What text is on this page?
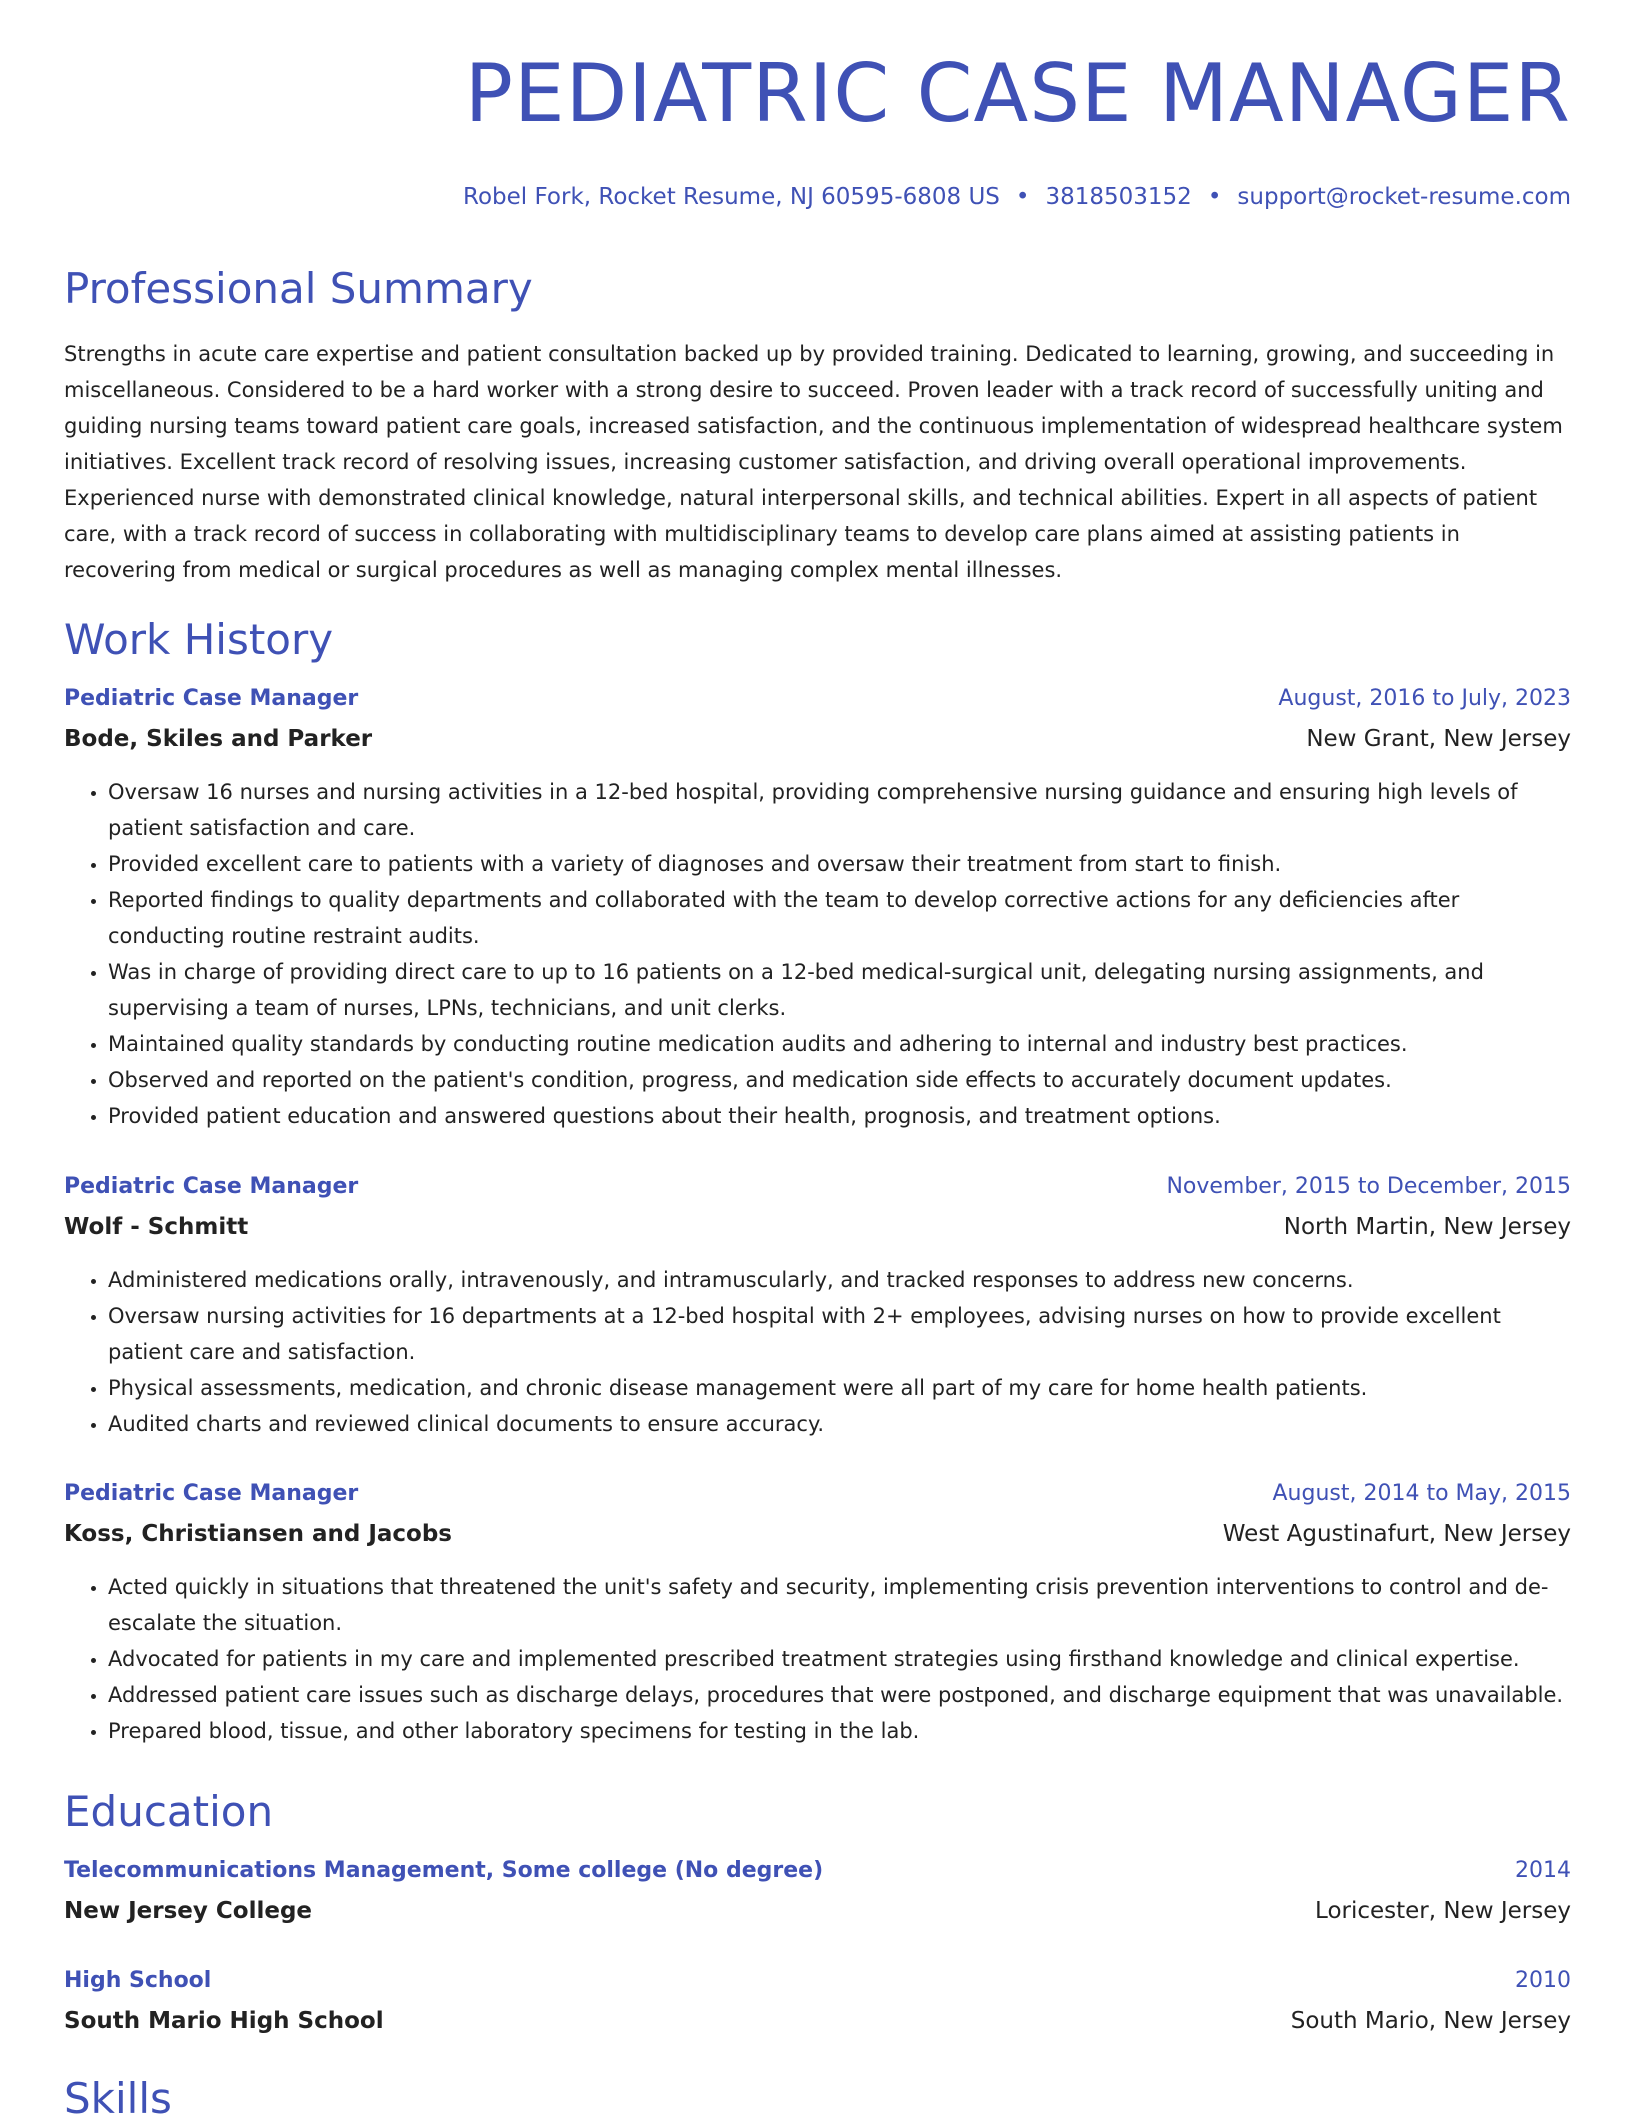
PEDIATRIC CASE MANAGER
Robel Fork, Rocket Resume, NJ 60595-6808 US • 3818503152 • support@rocket-resume.com
Professional Summary

Strengths in acute care expertise and patient consultation backed up by provided training. Dedicated to learning, growing, and succeeding in miscellaneous. Considered to be a hard worker with a strong desire to succeed. Proven leader with a track record of successfully uniting and guiding nursing teams toward patient care goals, increased satisfaction, and the continuous implementation of widespread healthcare system initiatives. Excellent track record of resolving issues, increasing customer satisfaction, and driving overall operational improvements. Experienced nurse with demonstrated clinical knowledge, natural interpersonal skills, and technical abilities. Expert in all aspects of patient care, with a track record of success in collaborating with multidisciplinary teams to develop care plans aimed at assisting patients in recovering from medical or surgical procedures as well as managing complex mental illnesses.

Work History
Pediatric Case Manager	August, 2016 to July, 2023
Bode, Skiles and Parker	New Grant, New Jersey
• Oversaw 16 nurses and nursing activities in a 12-bed hospital, providing comprehensive nursing guidance and ensuring high levels of patient satisfaction and care.
• Provided excellent care to patients with a variety of diagnoses and oversaw their treatment from start to finish.
• Reported findings to quality departments and collaborated with the team to develop corrective actions for any deficiencies after conducting routine restraint audits.
• Was in charge of providing direct care to up to 16 patients on a 12-bed medical-surgical unit, delegating nursing assignments, and supervising a team of nurses, LPNs, technicians, and unit clerks.
• Maintained quality standards by conducting routine medication audits and adhering to internal and industry best practices.
• Observed and reported on the patient's condition, progress, and medication side effects to accurately document updates.
• Provided patient education and answered questions about their health, prognosis, and treatment options.
Pediatric Case Manager	November, 2015 to December, 2015
Wolf - Schmitt	North Martin, New Jersey
• Administered medications orally, intravenously, and intramuscularly, and tracked responses to address new concerns.
• Oversaw nursing activities for 16 departments at a 12-bed hospital with 2+ employees, advising nurses on how to provide excellent patient care and satisfaction.
• Physical assessments, medication, and chronic disease management were all part of my care for home health patients.
• Audited charts and reviewed clinical documents to ensure accuracy.
Pediatric Case Manager	August, 2014 to May, 2015
Koss, Christiansen and Jacobs	West Agustinafurt, New Jersey
• Acted quickly in situations that threatened the unit's safety and security, implementing crisis prevention interventions to control and de-escalate the situation.
• Advocated for patients in my care and implemented prescribed treatment strategies using firsthand knowledge and clinical expertise.
• Addressed patient care issues such as discharge delays, procedures that were postponed, and discharge equipment that was unavailable.
• Prepared blood, tissue, and other laboratory specimens for testing in the lab.
Education
Telecommunications Management, Some college (No degree)	2014
New Jersey College	Loricester, New Jersey
High School	2010
South Mario High School	South Mario, New Jersey
Skills
